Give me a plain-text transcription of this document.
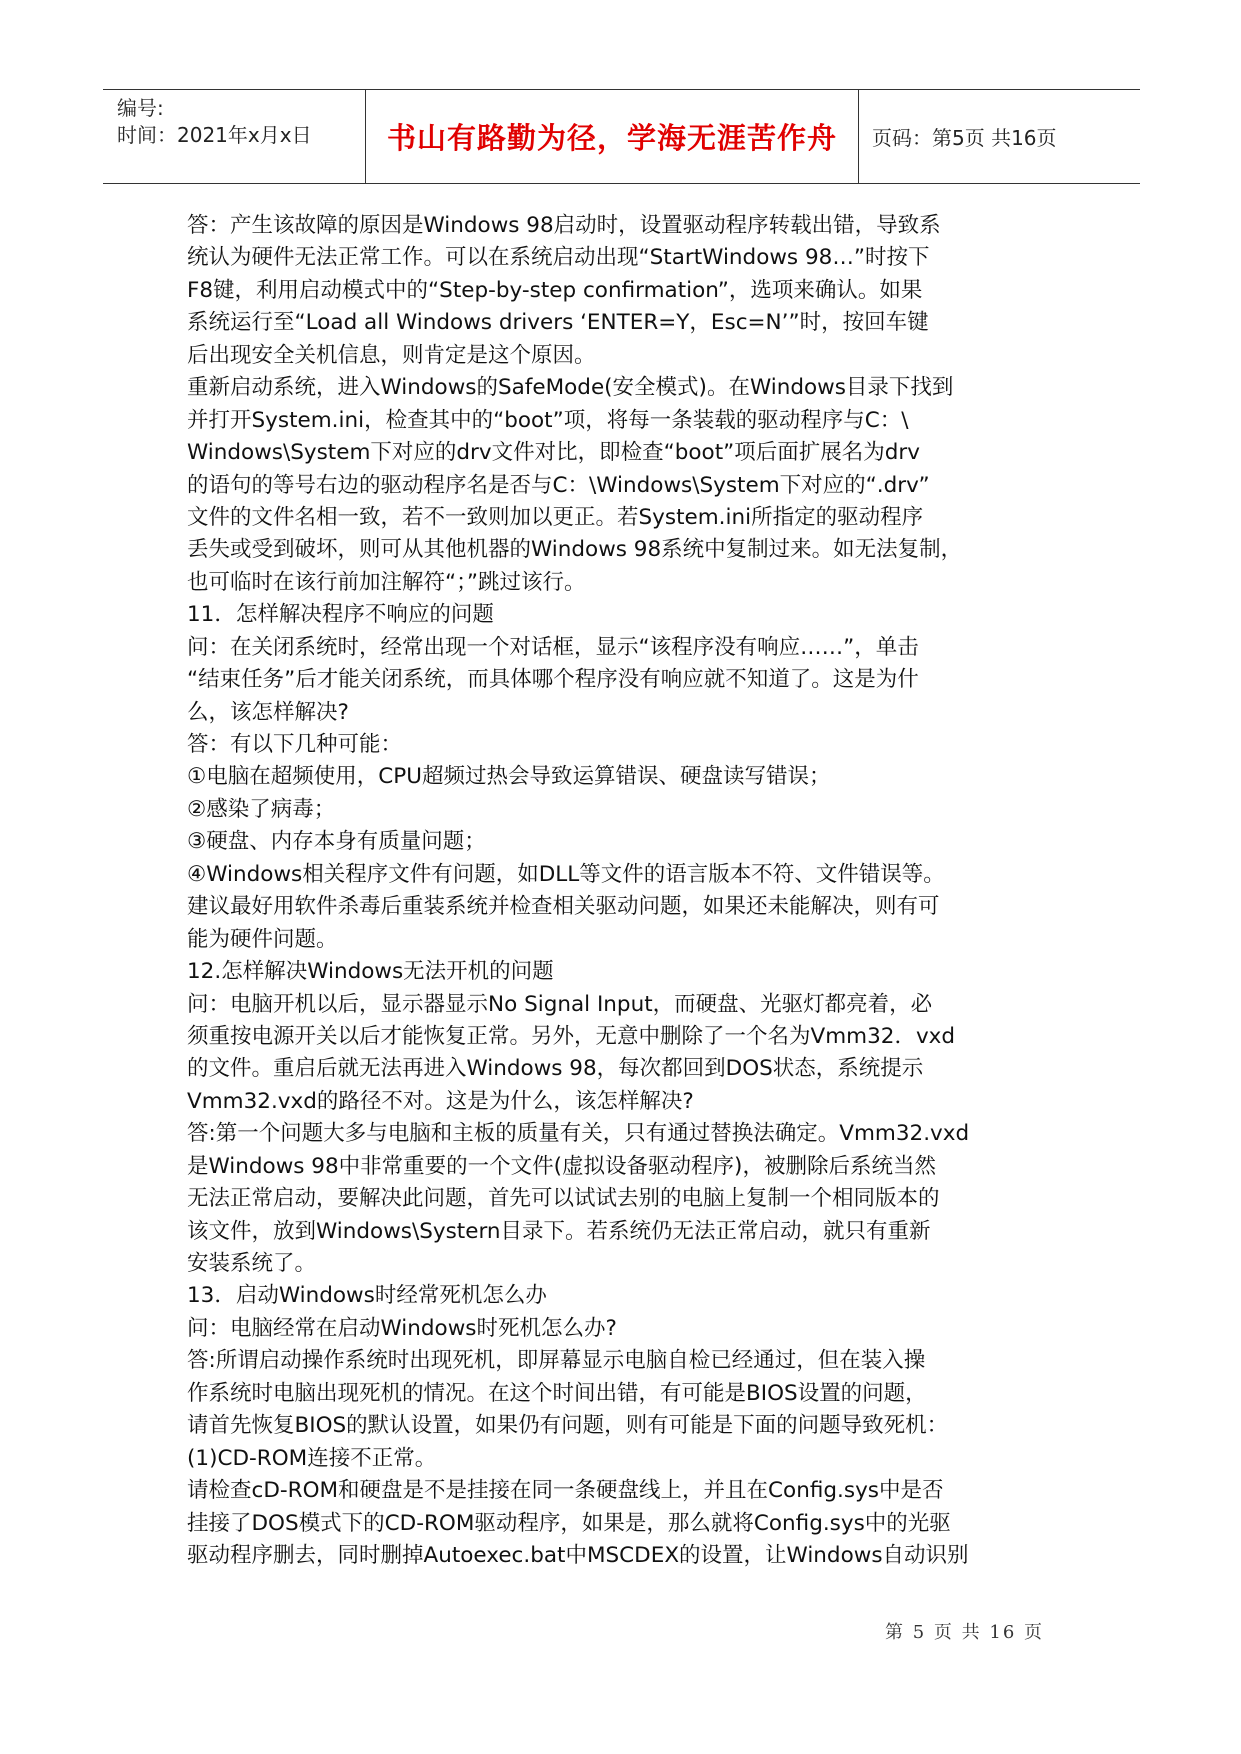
编号:
时间：2021年x月x日	书山有路勤为径，学海无涯苦作舟	页码：第5页 共16页
答：产生该故障的原因是Windows 98启动时，设置驱动程序转载出错，导致系
统认为硬件无法正常工作。可以在系统启动出现“StartWindows 98…”时按下
F8键，利用启动模式中的“Step-by-step confirmation”，选项来确认。如果
系统运行至“Load all Windows drivers ‘ENTER=Y，Esc=N’”时，按回车键
后出现安全关机信息，则肯定是这个原因。
重新启动系统，进入Windows的SafeMode(安全模式)。在Windows目录下找到
并打开System.ini，检查其中的“boot”项，将每一条装载的驱动程序与C：\
Windows\System下对应的drv文件对比，即检查“boot”项后面扩展名为drv
的语句的等号右边的驱动程序名是否与C：\Windows\System下对应的“.drv”
文件的文件名相一致，若不一致则加以更正。若System.ini所指定的驱动程序
丢失或受到破坏，则可从其他机器的Windows 98系统中复制过来。如无法复制，
也可临时在该行前加注解符“；”跳过该行。
11．怎样解决程序不响应的问题
问：在关闭系统时，经常出现一个对话框，显示“该程序没有响应……”，单击
“结束任务”后才能关闭系统，而具体哪个程序没有响应就不知道了。这是为什
么，该怎样解决?
答：有以下几种可能：
①电脑在超频使用，CPU超频过热会导致运算错误、硬盘读写错误；
②感染了病毒；
③硬盘、内存本身有质量问题；
④Windows相关程序文件有问题，如DLL等文件的语言版本不符、文件错误等。
建议最好用软件杀毒后重装系统并检查相关驱动问题，如果还未能解决，则有可
能为硬件问题。
12.怎样解决Windows无法开机的问题
问：电脑开机以后，显示器显示No Signal Input，而硬盘、光驱灯都亮着，必
须重按电源开关以后才能恢复正常。另外，无意中删除了一个名为Vmm32．vxd
的文件。重启后就无法再进入Windows 98，每次都回到DOS状态，系统提示
Vmm32.vxd的路径不对。这是为什么，该怎样解决?
答:第一个问题大多与电脑和主板的质量有关，只有通过替换法确定。Vmm32.vxd
是Windows 98中非常重要的一个文件(虚拟设备驱动程序)，被删除后系统当然
无法正常启动，要解决此问题，首先可以试试去别的电脑上复制一个相同版本的
该文件，放到Windows\Systern目录下。若系统仍无法正常启动，就只有重新
安装系统了。
13．启动Windows时经常死机怎么办
问：电脑经常在启动Windows时死机怎么办?
答:所谓启动操作系统时出现死机，即屏幕显示电脑自检已经通过，但在装入操
作系统时电脑出现死机的情况。在这个时间出错，有可能是BIOS设置的问题，
请首先恢复BIOS的默认设置，如果仍有问题，则有可能是下面的问题导致死机：
(1)CD-ROM连接不正常。
请检查cD-ROM和硬盘是不是挂接在同一条硬盘线上，并且在Config.sys中是否
挂接了DOS模式下的CD-ROM驱动程序，如果是，那么就将Config.sys中的光驱
驱动程序删去，同时删掉Autoexec.bat中MSCDEX的设置，让Windows自动识别
第 5 页 共 16 页
